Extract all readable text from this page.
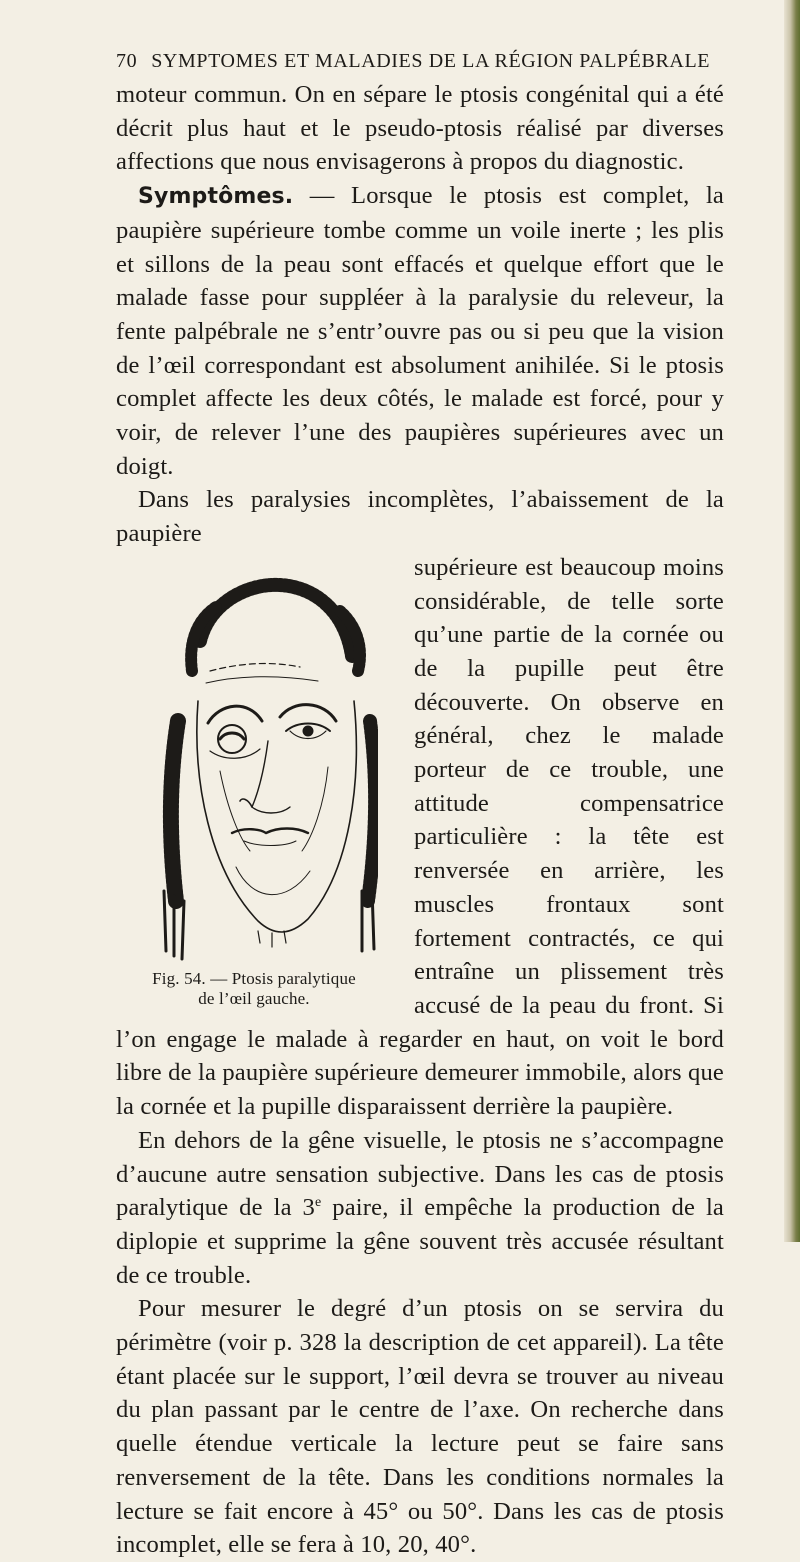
70 SYMPTOMES ET MALADIES DE LA RÉGION PALPÉBRALE

moteur commun. On en sépare le ptosis congénital qui a été décrit plus haut et le pseudo-ptosis réalisé par diverses affections que nous envisagerons à propos du diagnostic.

Symptômes. — Lorsque le ptosis est complet, la paupière supérieure tombe comme un voile inerte ; les plis et sillons de la peau sont effacés et quelque effort que le malade fasse pour suppléer à la paralysie du releveur, la fente palpébrale ne s’entr’ouvre pas ou si peu que la vision de l’œil correspondant est absolument anihilée. Si le ptosis complet affecte les deux côtés, le malade est forcé, pour y voir, de relever l’une des paupières supérieures avec un doigt.

Dans les paralysies incomplètes, l’abaissement de la paupière

Fig. 54. — Ptosis paralytique
de l’œil gauche.

supérieure est beaucoup moins considérable, de telle sorte qu’une partie de la cornée ou de la pupille peut être découverte. On observe en général, chez le malade porteur de ce trouble, une attitude compensatrice particulière : la tête est renversée en arrière, les muscles frontaux sont fortement contractés, ce qui entraîne un plissement très accusé de la peau du front. Si l’on engage le malade à regarder en haut, on voit le bord libre de la paupière supérieure demeurer immobile, alors que la cornée et la pupille disparaissent derrière la paupière.

En dehors de la gêne visuelle, le ptosis ne s’accompagne d’aucune autre sensation subjective. Dans les cas de ptosis paralytique de la 3e paire, il empêche la production de la diplopie et supprime la gêne souvent très accusée résultant de ce trouble.

Pour mesurer le degré d’un ptosis on se servira du périmètre (voir p. 328 la description de cet appareil). La tête étant placée sur le support, l’œil devra se trouver au niveau du plan passant par le centre de l’axe. On recherche dans quelle étendue verticale la lecture peut se faire sans renversement de la tête. Dans les conditions normales la lecture se fait encore à 45° ou 50°. Dans les cas de ptosis incomplet, elle se fera à 10, 20, 40°.
